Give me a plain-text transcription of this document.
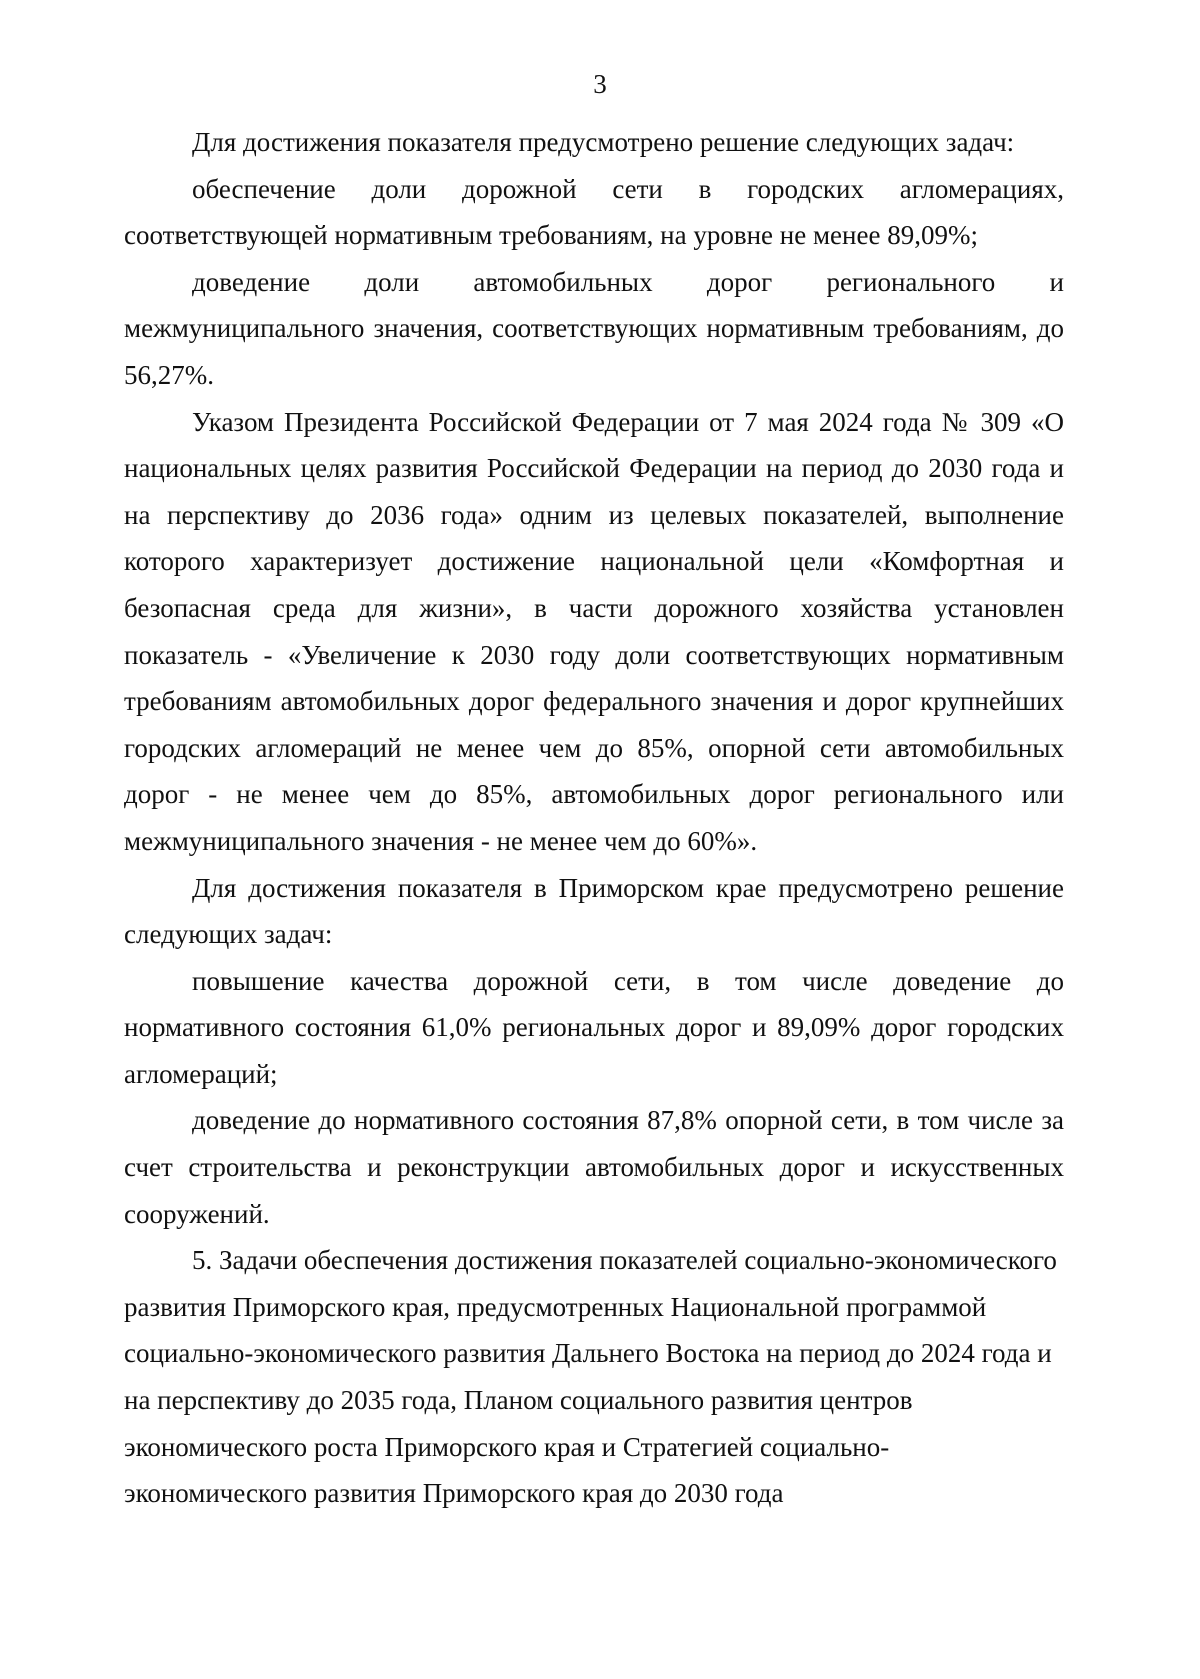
3

Для достижения показателя предусмотрено решение следующих задач:

обеспечение доли дорожной сети в городских агломерациях, соответствующей нормативным требованиям, на уровне не менее 89,09%;

доведение доли автомобильных дорог регионального и межмуниципального значения, соответствующих нормативным требованиям, до 56,27%.

Указом Президента Российской Федерации от 7 мая 2024 года № 309 «О национальных целях развития Российской Федерации на период до 2030 года и на перспективу до 2036 года» одним из целевых показателей, выполнение которого характеризует достижение национальной цели «Комфортная и безопасная среда для жизни», в части дорожного хозяйства установлен показатель - «Увеличение к 2030 году доли соответствующих нормативным требованиям автомобильных дорог федерального значения и дорог крупнейших городских агломераций не менее чем до 85%, опорной сети автомобильных дорог - не менее чем до 85%, автомобильных дорог регионального или межмуниципального значения - не менее чем до 60%».

Для достижения показателя в Приморском крае предусмотрено решение следующих задач:

повышение качества дорожной сети, в том числе доведение до нормативного состояния 61,0% региональных дорог и 89,09% дорог городских агломераций;

доведение до нормативного состояния 87,8% опорной сети, в том числе за счет строительства и реконструкции автомобильных дорог и искусственных сооружений.

5. Задачи обеспечения достижения показателей социально-экономического развития Приморского края, предусмотренных Национальной программой социально-экономического развития Дальнего Востока на период до 2024 года и на перспективу до 2035 года, Планом социального развития центров экономического роста Приморского края и Стратегией социально-экономического развития Приморского края до 2030 года
